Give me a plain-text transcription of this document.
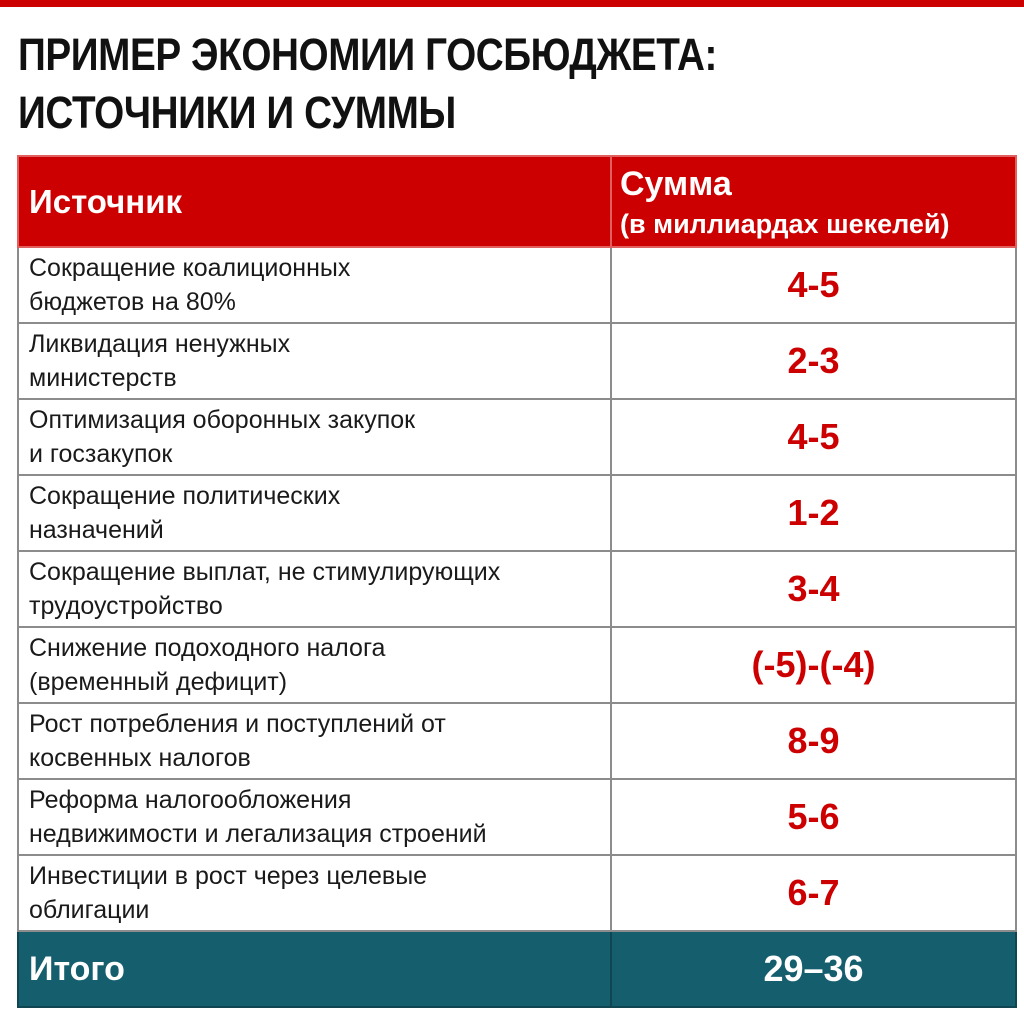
ПРИМЕР ЭКОНОМИИ ГОСБЮДЖЕТА:
ИСТОЧНИКИ И СУММЫ
Источник	Сумма
(в миллиардах шекелей)

Сокращение коалиционных
бюджетов на 80%	4-5

Ликвидация ненужных
министерств	2-3

Оптимизация оборонных закупок
и госзакупок	4-5

Сокращение политических
назначений	1-2

Сокращение выплат, не стимулирующих
трудоустройство	3-4

Снижение подоходного налога
(временный дефицит)	(-5)-(-4)

Рост потребления и поступлений от
косвенных налогов	8-9

Реформа налогообложения
недвижимости и легализация строений	5-6

Инвестиции в рост через целевые
облигации	6-7
Итого	29–36
